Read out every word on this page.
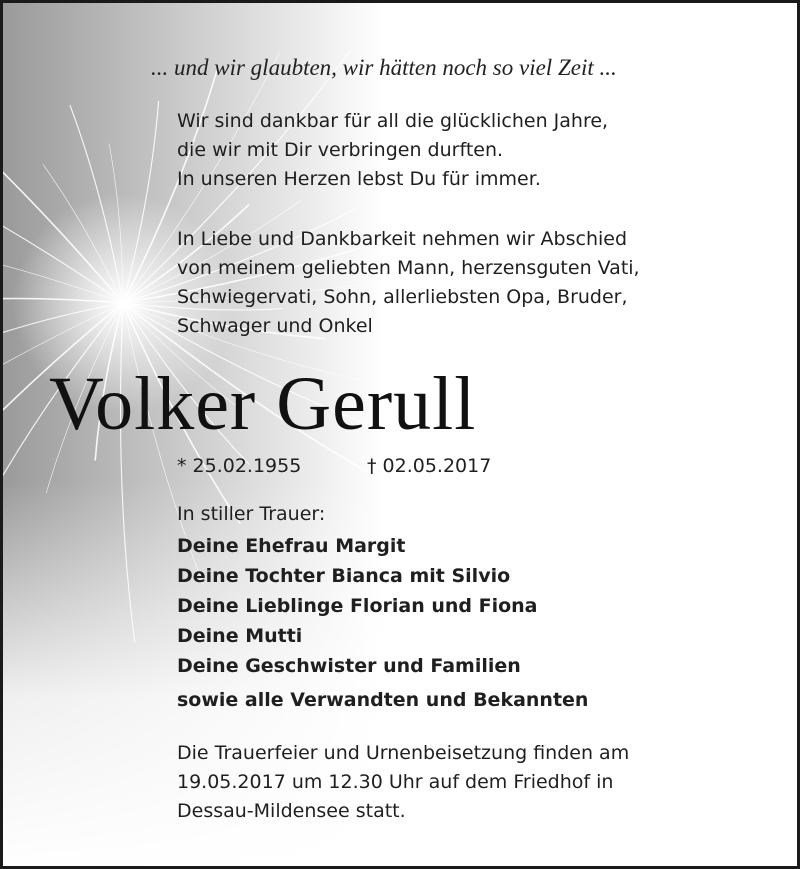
... und wir glaubten, wir hätten noch so viel Zeit ...
Wir sind dankbar für all die glücklichen Jahre,
die wir mit Dir verbringen durften.
In unseren Herzen lebst Du für immer.
In Liebe und Dankbarkeit nehmen wir Abschied
von meinem geliebten Mann, herzensguten Vati,
Schwiegervati, Sohn, allerliebsten Opa, Bruder,
Schwager und Onkel
Volker Gerull
* 25.02.1955	† 02.05.2017
In stiller Trauer:
Deine Ehefrau Margit
Deine Tochter Bianca mit Silvio
Deine Lieblinge Florian und Fiona
Deine Mutti
Deine Geschwister und Familien
sowie alle Verwandten und Bekannten
Die Trauerfeier und Urnenbeisetzung finden am
19.05.2017 um 12.30 Uhr auf dem Friedhof in
Dessau-Mildensee statt.
